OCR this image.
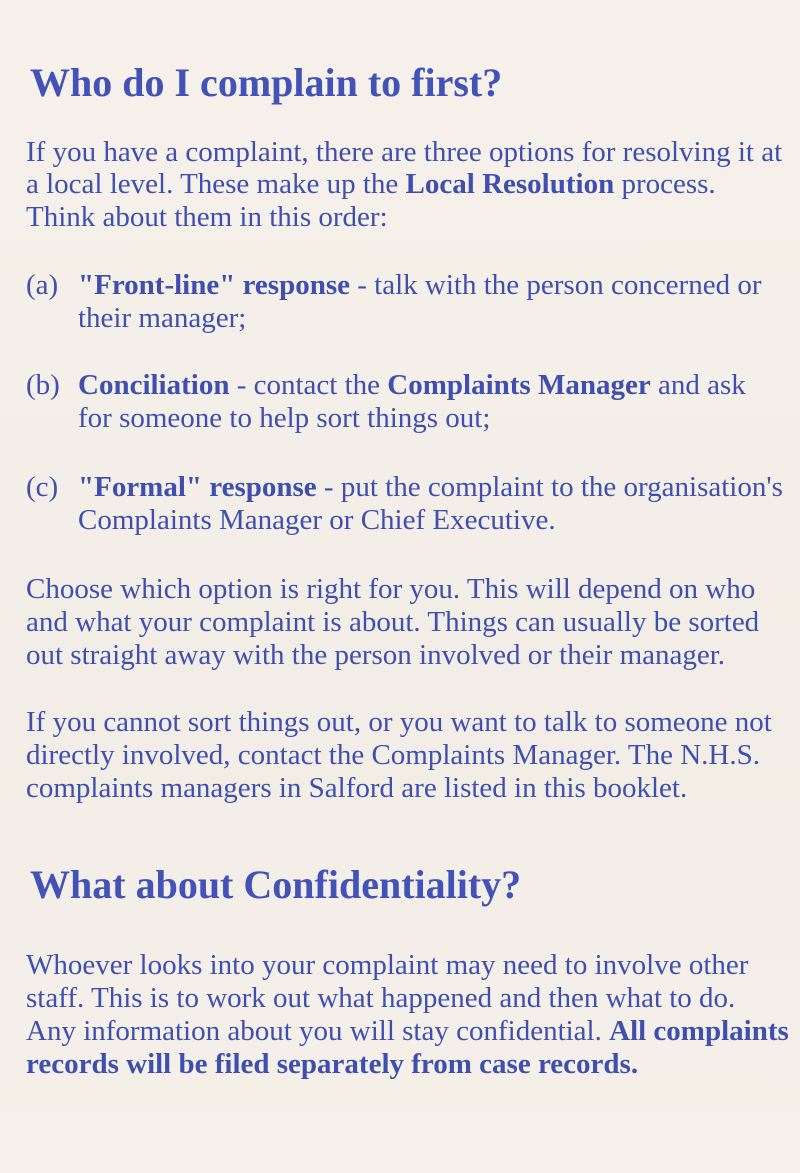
Who do I complain to first?

If you have a complaint, there are three options for resolving it at

a local level. These make up the Local Resolution process.

Think about them in this order:

(a) "Front-line" response - talk with the person concerned or
their manager;
(b) Conciliation - contact the Complaints Manager and ask
for someone to help sort things out;
(c) "Formal" response - put the complaint to the organisation's
Complaints Manager or Chief Executive.

Choose which option is right for you. This will depend on who

and what your complaint is about. Things can usually be sorted

out straight away with the person involved or their manager.

If you cannot sort things out, or you want to talk to someone not

directly involved, contact the Complaints Manager. The N.H.S.

complaints managers in Salford are listed in this booklet.

What about Confidentiality?

Whoever looks into your complaint may need to involve other

staff. This is to work out what happened and then what to do.

Any information about you will stay confidential. All complaints

records will be filed separately from case records.
